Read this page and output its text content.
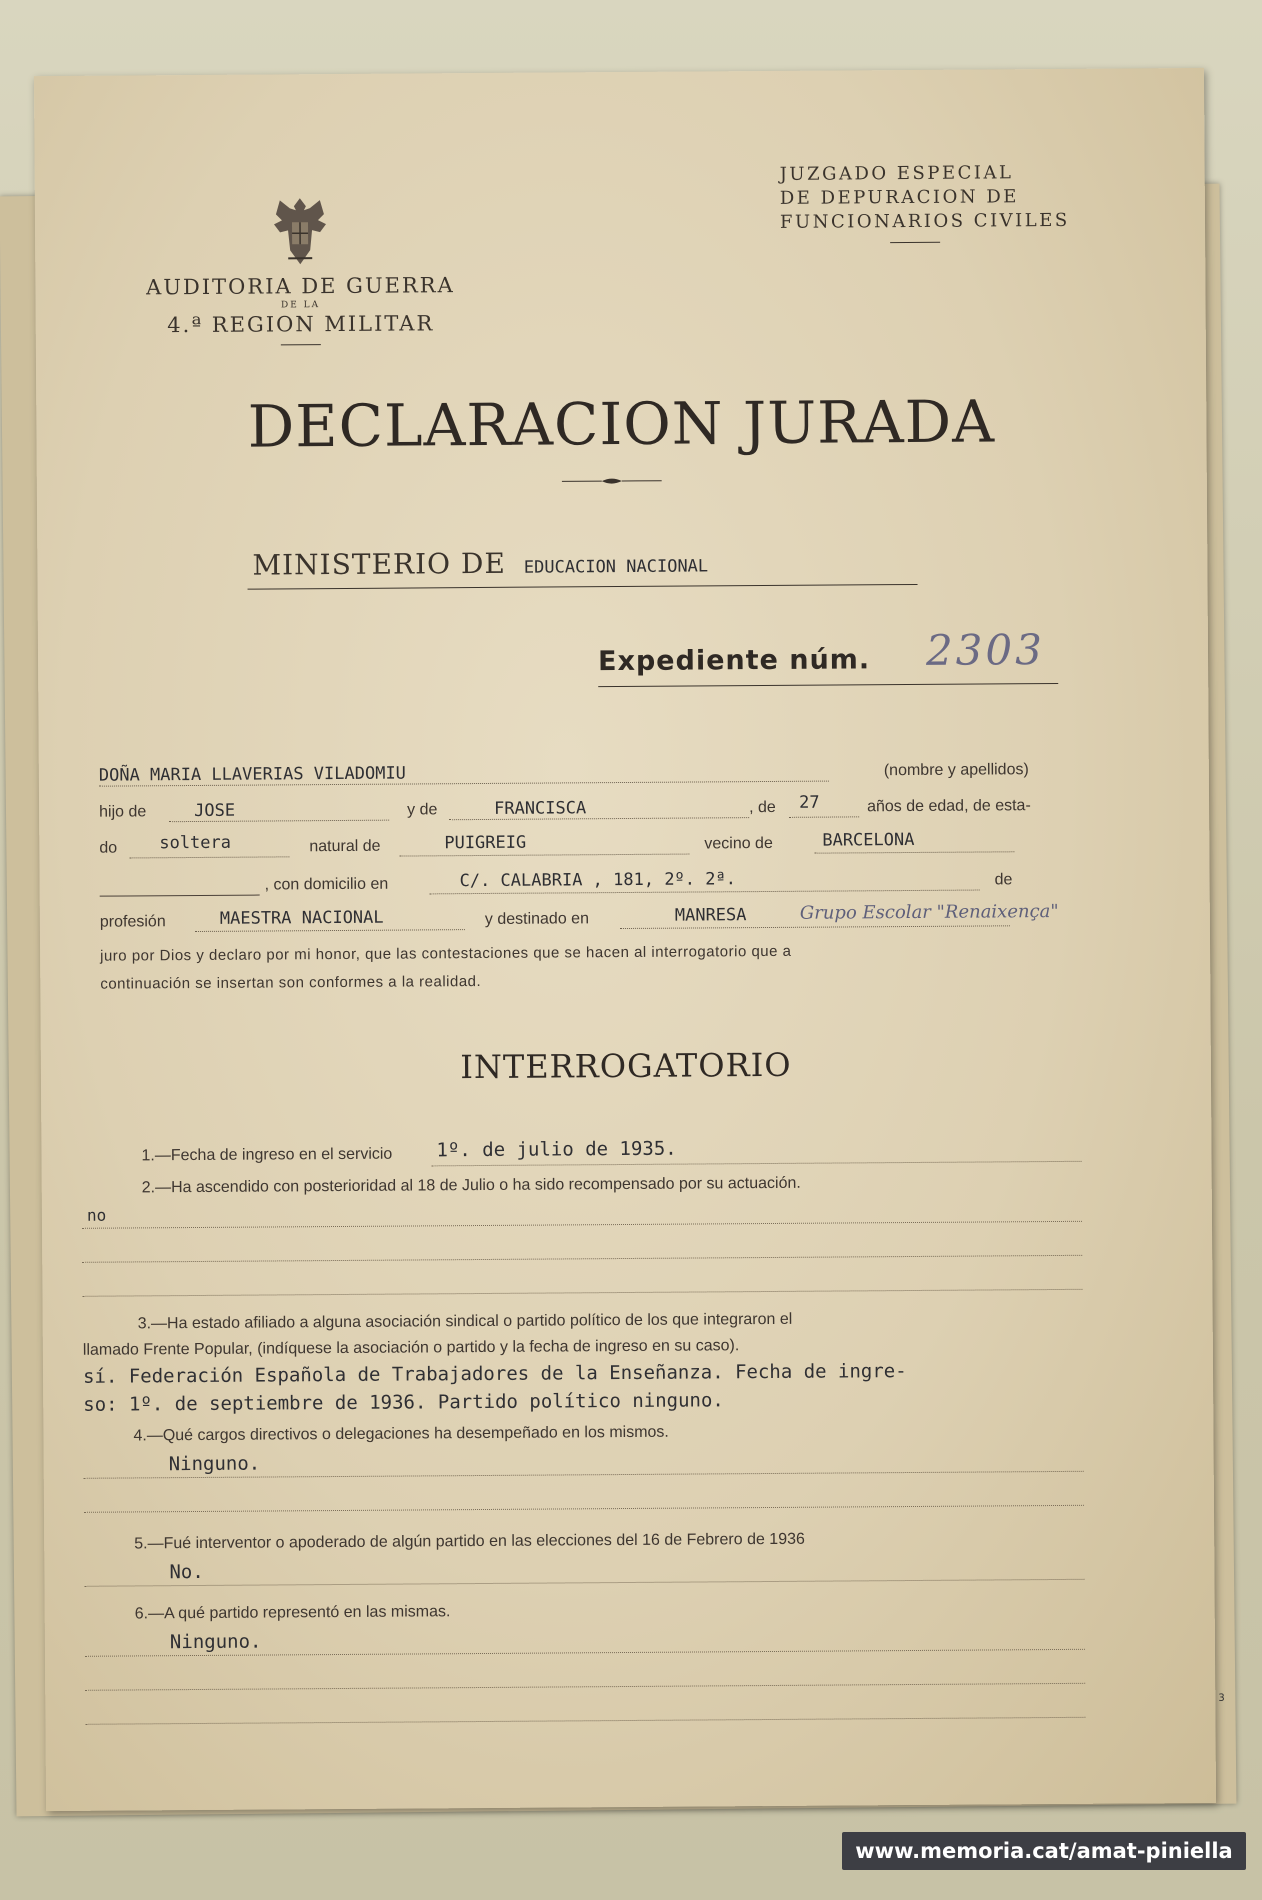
AUDITORIA DE GUERRA
DE LA
4.ª REGION MILITAR
JUZGADO ESPECIAL
DE DEPURACION DE
FUNCIONARIOS CIVILES
DECLARACION JURADA
MINISTERIO DE EDUCACION NACIONAL
Expediente núm. 2303
DOÑA MARIA LLAVERIAS VILADOMIU	(nombre y apellidos)
hijo de	JOSE	y de	FRANCISCA	, de 27	años de edad, de esta-
do soltera	natural de	PUIGREIG	vecino de	BARCELONA
, con domicilio en	C/. CALABRIA , 181, 2º. 2ª.	de
profesión	MAESTRA NACIONAL	y destinado en	MANRESA	Grupo Escolar "Renaixença"
juro por Dios y declaro por mi honor, que las contestaciones que se hacen al interrogatorio que a
continuación se insertan son conformes a la realidad.
INTERROGATORIO
1.—Fecha de ingreso en el servicio 1º. de julio de 1935.
2.—Ha ascendido con posterioridad al 18 de Julio o ha sido recompensado por su actuación.
no
3.—Ha estado afiliado a alguna asociación sindical o partido político de los que integraron el
llamado Frente Popular, (indíquese la asociación o partido y la fecha de ingreso en su caso).
sí. Federación Española de Trabajadores de la Enseñanza. Fecha de ingre-
so: 1º. de septiembre de 1936. Partido político ninguno.
4.—Qué cargos directivos o delegaciones ha desempeñado en los mismos.
Ninguno.
5.—Fué interventor o apoderado de algún partido en las elecciones del 16 de Febrero de 1936
No.
6.—A qué partido representó en las mismas.
Ninguno.
3
www.memoria.cat/amat-piniella
